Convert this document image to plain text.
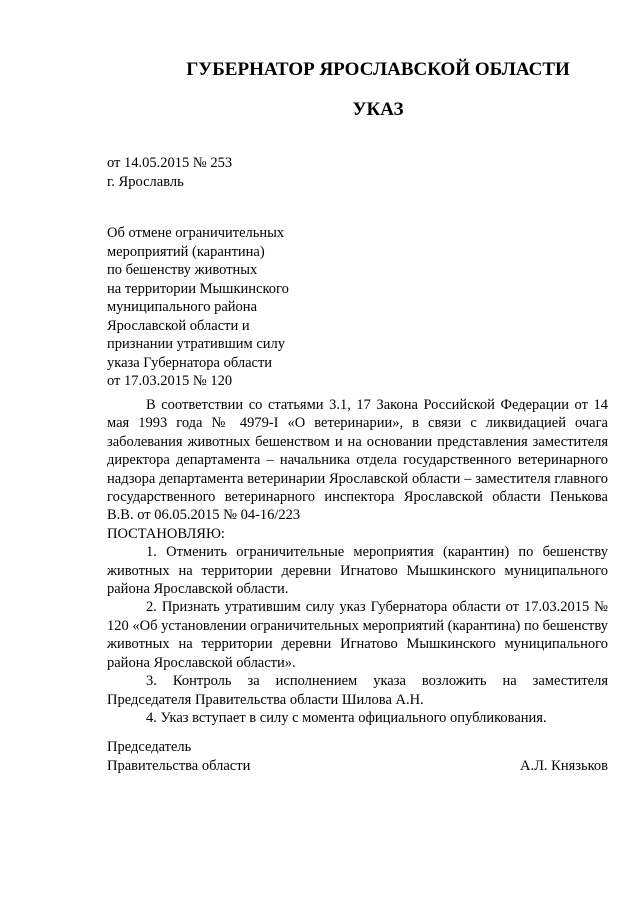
ГУБЕРНАТОР ЯРОСЛАВСКОЙ ОБЛАСТИ
УКАЗ
от 14.05.2015 № 253
г. Ярославль
Об отмене ограничительных
мероприятий (карантина)
по бешенству животных
на территории Мышкинского
муниципального района
Ярославской области и
признании утратившим силу
указа Губернатора области
от 17.03.2015 № 120

В соответствии со статьями 3.1, 17 Закона Российской Федерации от 14 мая 1993 года № 4979-I «О ветеринарии», в связи с ликвидацией очага заболевания животных бешенством и на основании представления заместителя директора департамента – начальника отдела государственного ветеринарного надзора департамента ветеринарии Ярославской области – заместителя главного государственного ветеринарного инспектора Ярославской области Пенькова В.В. от 06.05.2015 № 04-16/223

ПОСТАНОВЛЯЮ:

1. Отменить ограничительные мероприятия (карантин) по бешенству животных на территории деревни Игнатово Мышкинского муниципального района Ярославской области.

2. Признать утратившим силу указ Губернатора области от 17.03.2015 № 120 «Об установлении ограничительных мероприятий (карантина) по бешенству животных на территории деревни Игнатово Мышкинского муниципального района Ярославской области».

3. Контроль за исполнением указа возложить на заместителя Председателя Правительства области Шилова А.Н.

4. Указ вступает в силу с момента официального опубликования.

Председатель
Правительства области	А.Л. Князьков
